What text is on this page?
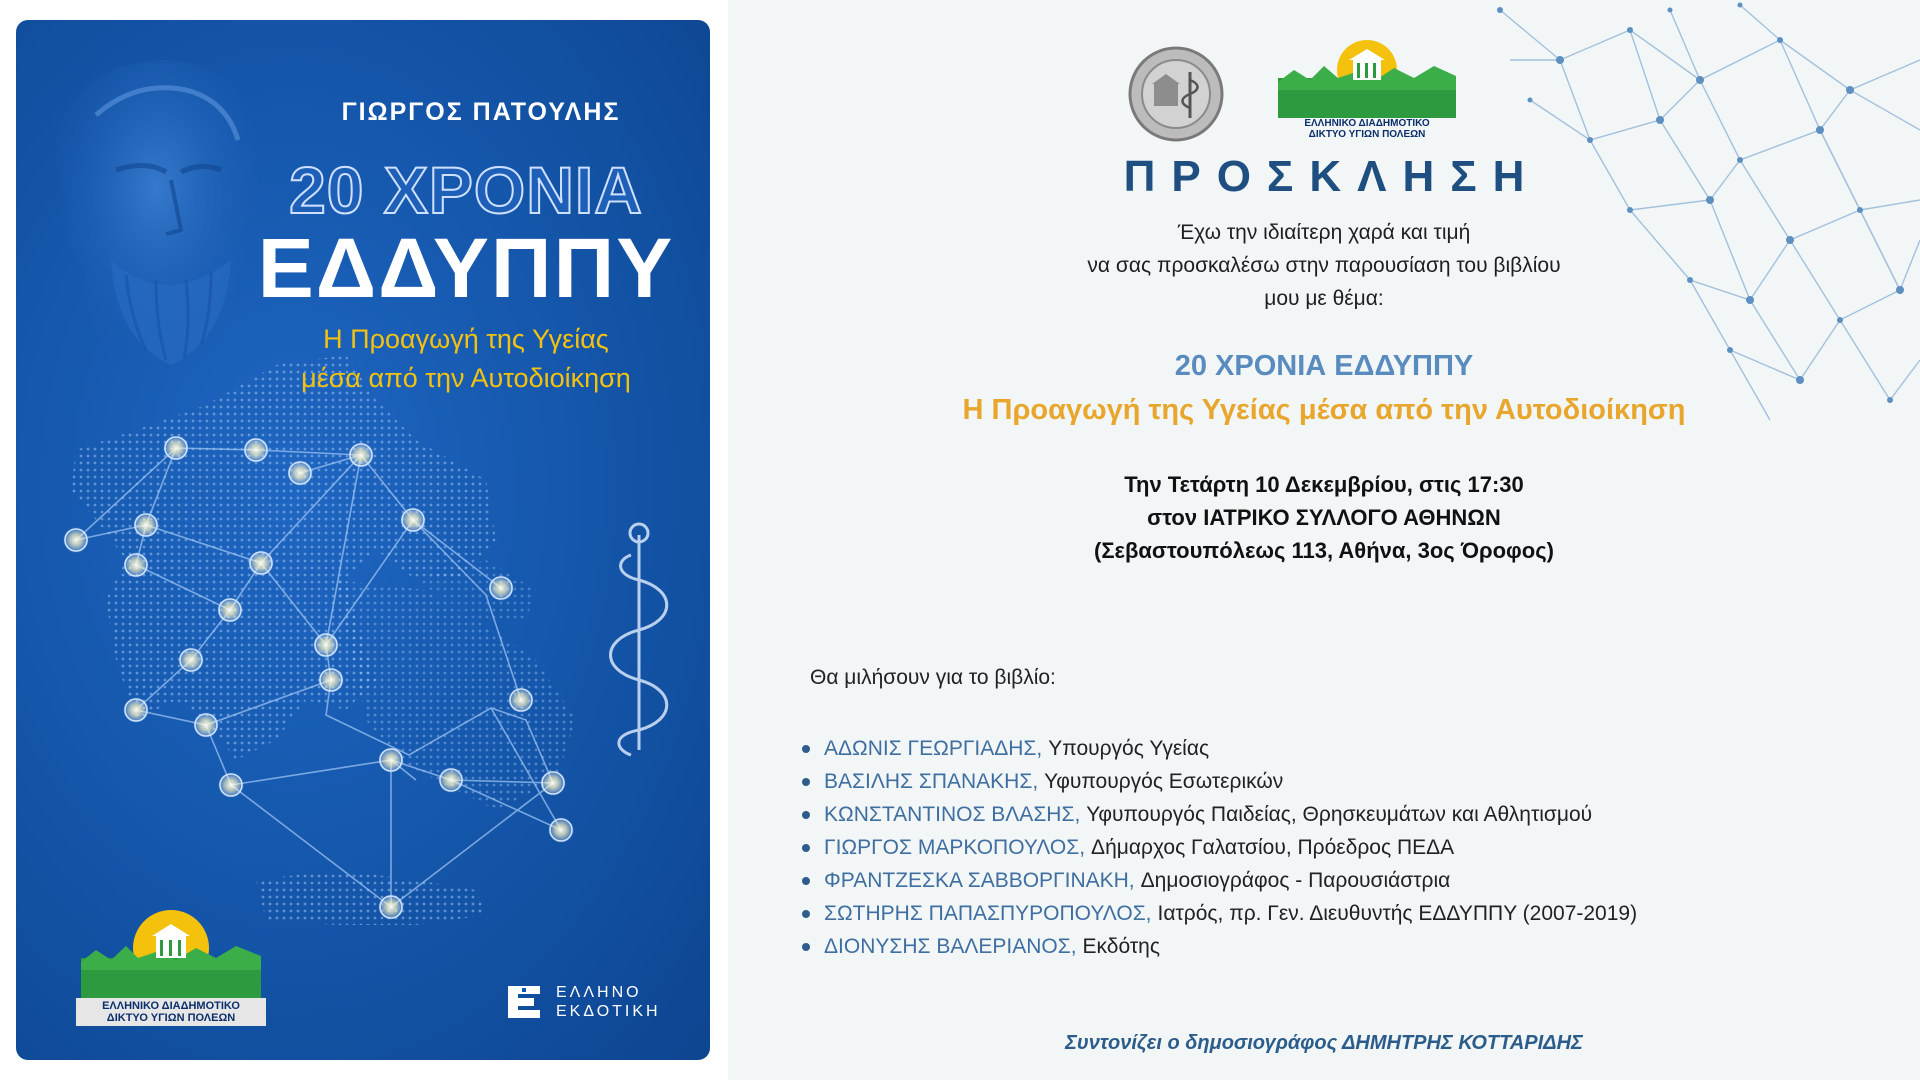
ΓΙΩΡΓΟΣ ΠΑΤΟΥΛΗΣ
20 ΧΡΟΝΙΑ
ΕΔΔΥΠΠΥ
Η Προαγωγή της Υγείας
μέσα από την Αυτοδιοίκηση
ΕΛΛΗΝΙΚΟ ΔΙΑΔΗΜΟΤΙΚΟ
ΔΙΚΤΥΟ ΥΓΙΩΝ ΠΟΛΕΩΝ
ΕΛΛΗΝΟ
ΕΚΔΟΤΙΚΗ
ΕΛΛΗΝΙΚΟ ΔΙΑΔΗΜΟΤΙΚΟ
ΔΙΚΤΥΟ ΥΓΙΩΝ ΠΟΛΕΩΝ
ΠΡΟΣΚΛΗΣΗ
Έχω την ιδιαίτερη χαρά και τιμή
να σας προσκαλέσω στην παρουσίαση του βιβλίου
μου με θέμα:
20 ΧΡΟΝΙΑ ΕΔΔΥΠΠΥ
Η Προαγωγή της Υγείας μέσα από την Αυτοδιοίκηση
Την Τετάρτη 10 Δεκεμβρίου, στις 17:30
στον ΙΑΤΡΙΚΟ ΣΥΛΛΟΓΟ ΑΘΗΝΩΝ
(Σεβαστουπόλεως 113, Αθήνα, 3ος Όροφος)
Θα μιλήσουν για το βιβλίο:
ΑΔΩΝΙΣ ΓΕΩΡΓΙΑΔΗΣ, Υπουργός Υγείας
ΒΑΣΙΛΗΣ ΣΠΑΝΑΚΗΣ, Υφυπουργός Εσωτερικών
ΚΩΝΣΤΑΝΤΙΝΟΣ ΒΛΑΣΗΣ, Υφυπουργός Παιδείας, Θρησκευμάτων και Αθλητισμού
ΓΙΩΡΓΟΣ ΜΑΡΚΟΠΟΥΛΟΣ, Δήμαρχος Γαλατσίου, Πρόεδρος ΠΕΔΑ
ΦΡΑΝΤΖΕΣΚΑ ΣΑΒΒΟΡΓΙΝΑΚΗ, Δημοσιογράφος - Παρουσιάστρια
ΣΩΤΗΡΗΣ ΠΑΠΑΣΠΥΡΟΠΟΥΛΟΣ, Ιατρός, πρ. Γεν. Διευθυντής ΕΔΔΥΠΠΥ (2007-2019)
ΔΙΟΝΥΣΗΣ ΒΑΛΕΡΙΑΝΟΣ, Εκδότης
Συντονίζει ο δημοσιογράφος ΔΗΜΗΤΡΗΣ ΚΟΤΤΑΡΙΔΗΣ
